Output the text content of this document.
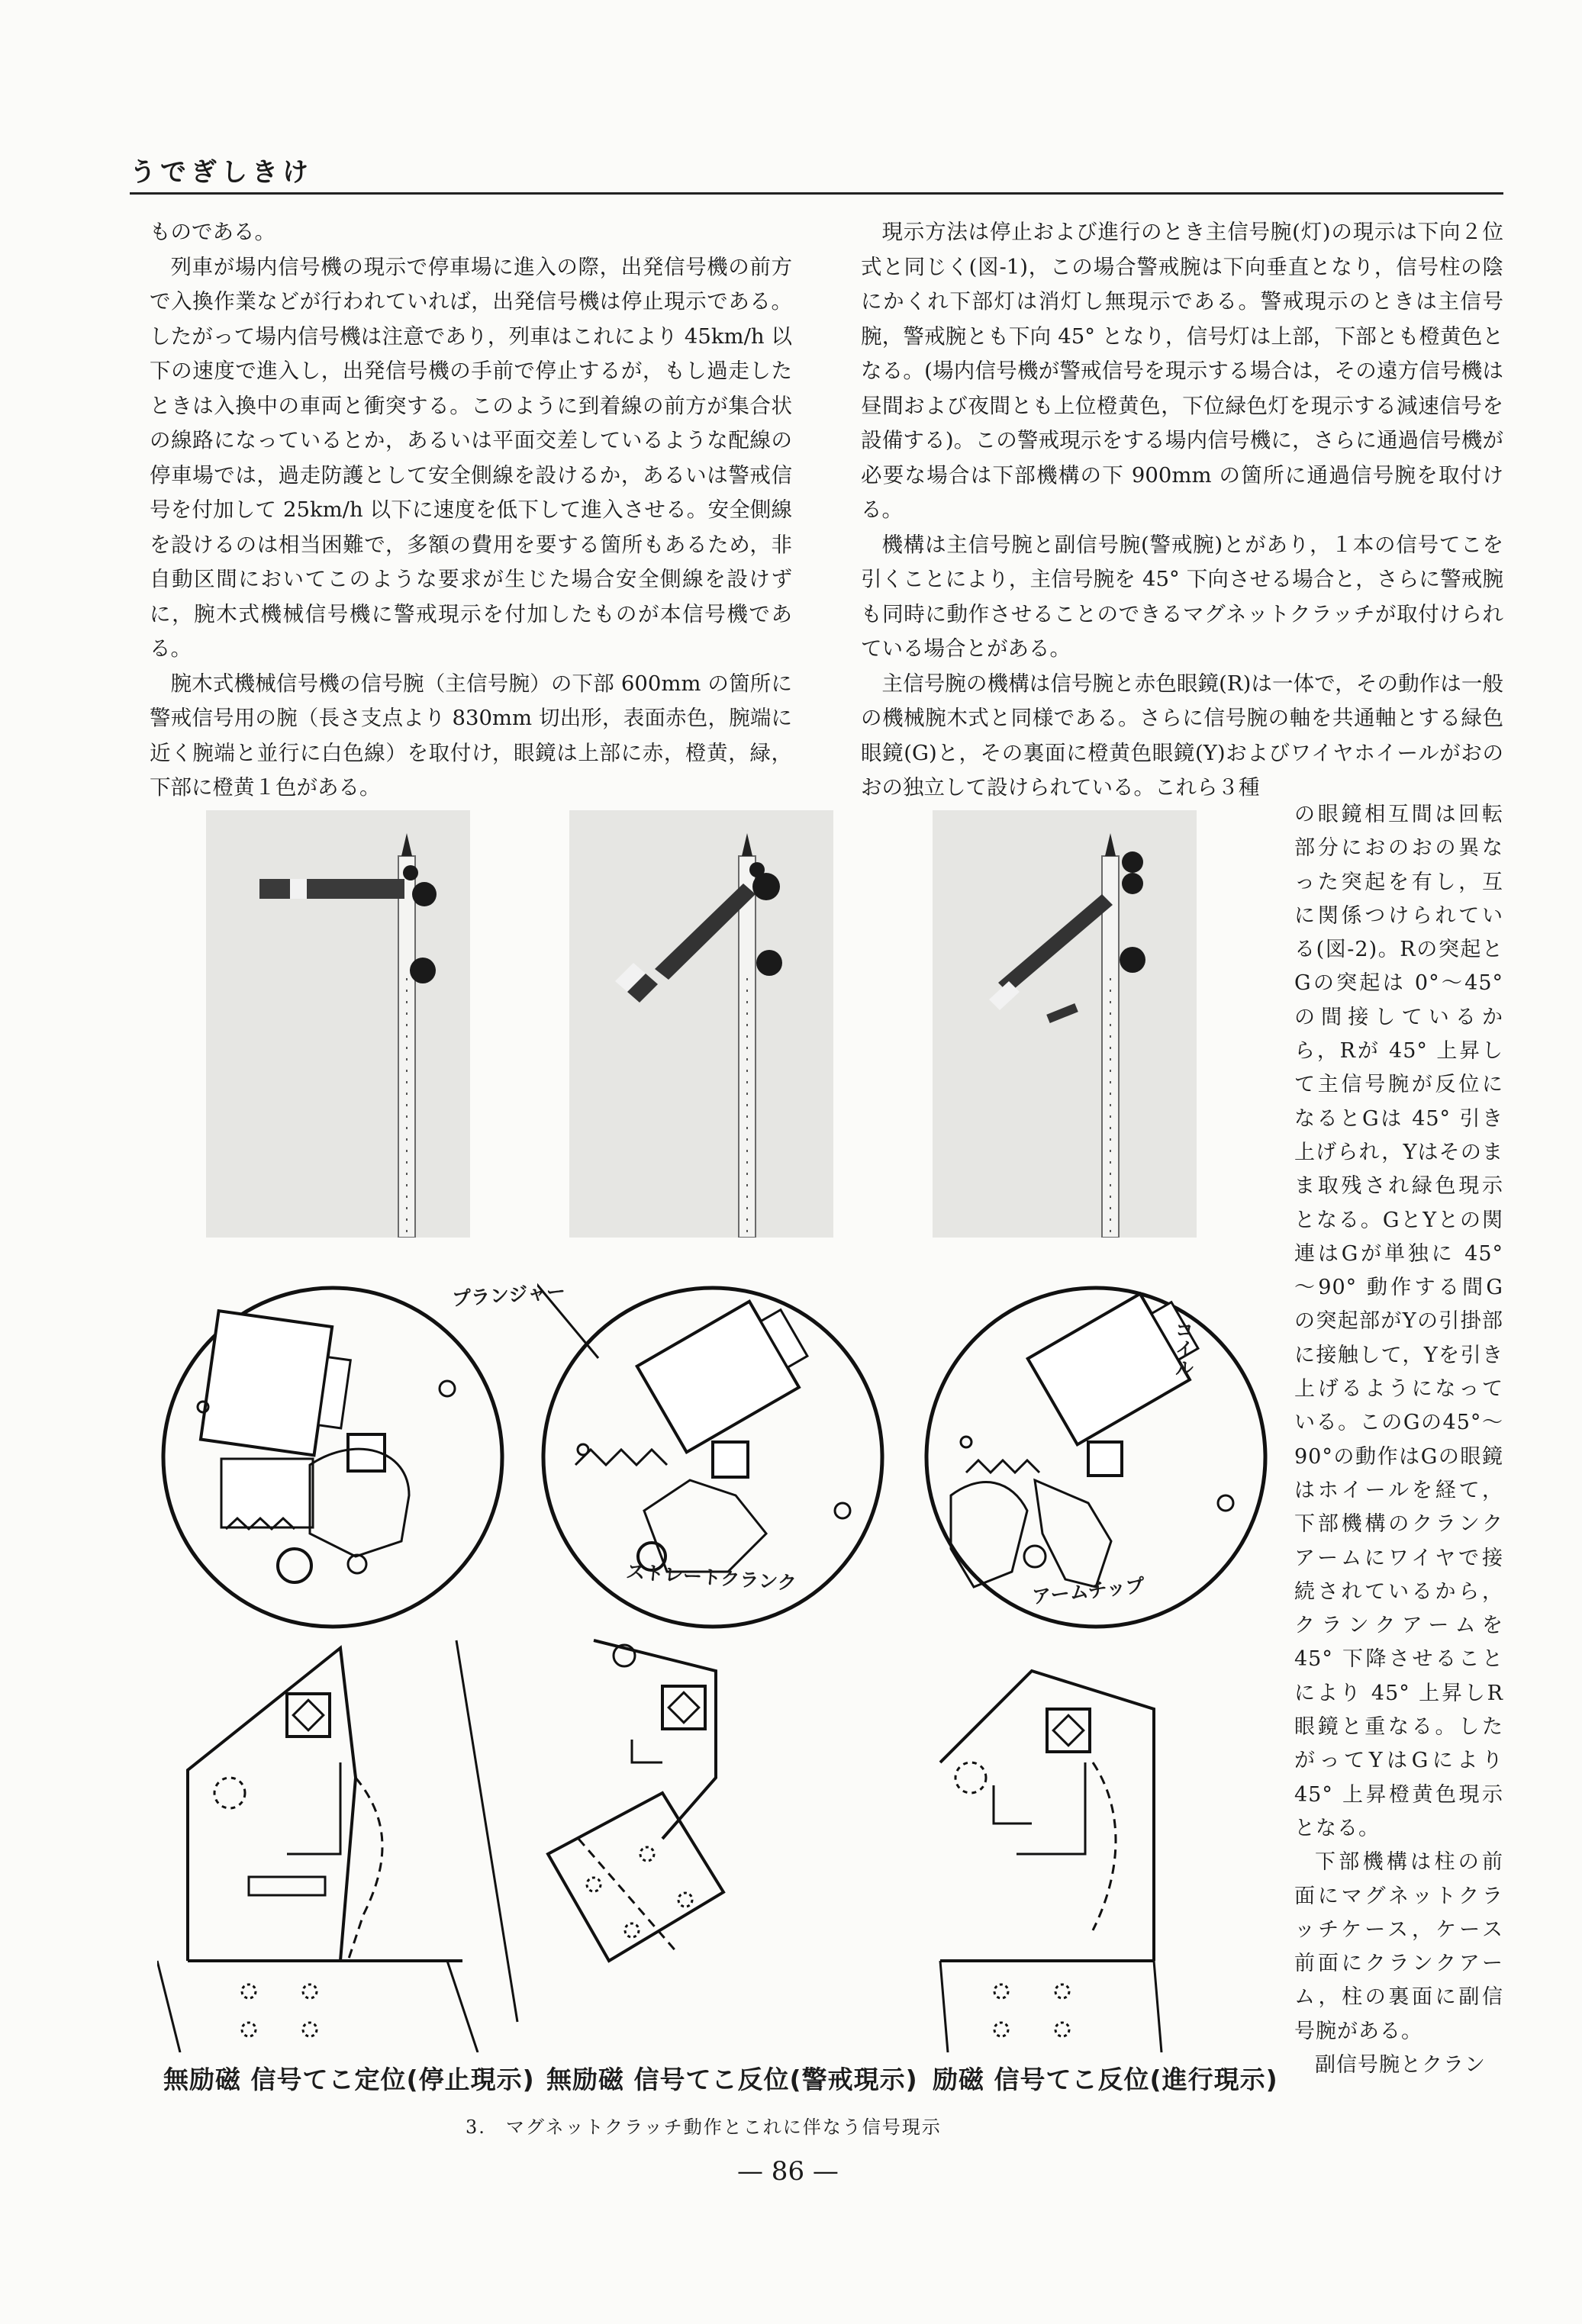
うでぎしきけ

ものである。

列車が場内信号機の現示で停車場に進入の際，出発信号機の前方で入換作業などが行われていれば，出発信号機は停止現示である。したがって場内信号機は注意であり，列車はこれにより 45km/h 以下の速度で進入し，出発信号機の手前で停止するが，もし過走したときは入換中の車両と衝突する。このように到着線の前方が集合状の線路になっているとか，あるいは平面交差しているような配線の停車場では，過走防護として安全側線を設けるか，あるいは警戒信号を付加して 25km/h 以下に速度を低下して進入させる。安全側線を設けるのは相当困難で，多額の費用を要する箇所もあるため，非自動区間においてこのような要求が生じた場合安全側線を設けずに，腕木式機械信号機に警戒現示を付加したものが本信号機である。

腕木式機械信号機の信号腕（主信号腕）の下部 600mm の箇所に警戒信号用の腕（長さ支点より 830mm 切出形，表面赤色，腕端に近く腕端と並行に白色線）を取付け，眼鏡は上部に赤，橙黄，緑，下部に橙黄１色がある。

現示方法は停止および進行のとき主信号腕(灯)の現示は下向２位式と同じく(図-1)，この場合警戒腕は下向垂直となり，信号柱の陰にかくれ下部灯は消灯し無現示である。警戒現示のときは主信号腕，警戒腕とも下向 45° となり，信号灯は上部，下部とも橙黄色となる。(場内信号機が警戒信号を現示する場合は，その遠方信号機は昼間および夜間とも上位橙黄色，下位緑色灯を現示する減速信号を設備する)。この警戒現示をする場内信号機に，さらに通過信号機が必要な場合は下部機構の下 900mm の箇所に通過信号腕を取付ける。

機構は主信号腕と副信号腕(警戒腕)とがあり，１本の信号てこを引くことにより，主信号腕を 45° 下向させる場合と，さらに警戒腕も同時に動作させることのできるマグネットクラッチが取付けられている場合とがある。

主信号腕の機構は信号腕と赤色眼鏡(R)は一体で，その動作は一般の機械腕木式と同様である。さらに信号腕の軸を共通軸とする緑色眼鏡(G)と，その裏面に橙黄色眼鏡(Y)およびワイヤホイールがおのおの独立して設けられている。これら３種

の眼鏡相互間は回転部分におのおの異なった突起を有し，互に関係つけられている(図-2)。Rの突起とGの突起は 0°～45° の間接しているから，Rが 45° 上昇して主信号腕が反位になるとGは 45° 引き上げられ，Yはそのまま取残され緑色現示となる。GとYとの関連はGが単独に 45°～90° 動作する間Gの突起部がYの引掛部に接触して，Yを引き上げるようになっている。このGの45°～90°の動作はGの眼鏡はホイールを経て，下部機構のクランクアームにワイヤで接続されているから，クランクアームを 45° 下降させることにより 45° 上昇しR眼鏡と重なる。したがってYはGにより 45° 上昇橙黄色現示となる。

下部機構は柱の前面にマグネットクラッチケース，ケース前面にクランクアーム，柱の裏面に副信号腕がある。

副信号腕とクラン

プランジャー
ストレートクランク
コイル
アームチップ
無励磁 信号てこ定位(停止現示) 無励磁 信号てこ反位(警戒現示) 励磁 信号てこ反位(進行現示)
3.　マグネットクラッチ動作とこれに伴なう信号現示
— 86 —
